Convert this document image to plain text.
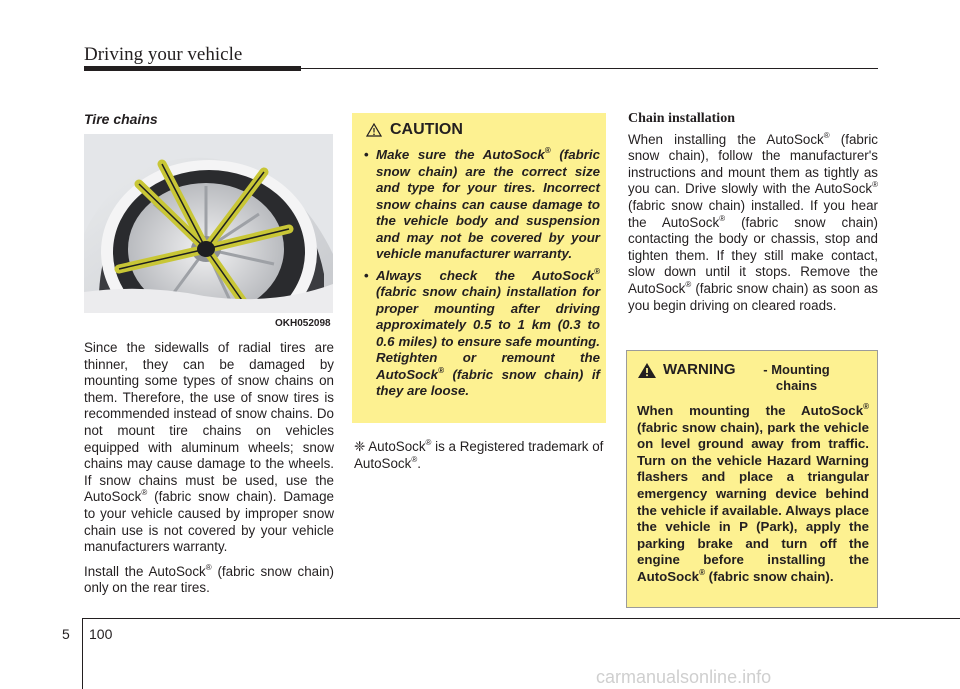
Driving your vehicle
Tire chains
OKH052098

Since the sidewalls of radial tires are thinner, they can be damaged by mounting some types of snow chains on them. Therefore, the use of snow tires is recommended instead of snow chains. Do not mount tire chains on vehicles equipped with aluminum wheels; snow chains may cause damage to the wheels. If snow chains must be used, use the AutoSock® (fabric snow chain). Damage to your vehicle caused by improper snow chain use is not covered by your vehicle manufacturers warranty.

Install the AutoSock® (fabric snow chain) only on the rear tires.

CAUTION
• Make sure the AutoSock® (fabric snow chain) are the correct size and type for your tires. Incorrect snow chains can cause damage to the vehicle body and suspension and may not be covered by your vehicle manufacturer warranty.
• Always check the AutoSock® (fabric snow chain) installation for proper mounting after driving approximately 0.5 to 1 km (0.3 to 0.6 miles) to ensure safe mounting. Retighten or remount the AutoSock® (fabric snow chain) if they are loose.
❈ AutoSock® is a Registered trademark of AutoSock®.
Chain installation

When installing the AutoSock® (fabric snow chain), follow the manufacturer's instructions and mount them as tightly as you can. Drive slowly with the AutoSock® (fabric snow chain) installed. If you hear the AutoSock® (fabric snow chain) contacting the body or chassis, stop and tighten them. If they still make contact, slow down until it stops. Remove the AutoSock® (fabric snow chain) as soon as you begin driving on cleared roads.

WARNING	- Mounting chains
When mounting the AutoSock® (fabric snow chain), park the vehicle on level ground away from traffic. Turn on the vehicle Hazard Warning flashers and place a triangular emergency warning device behind the vehicle if available. Always place the vehicle in P (Park), apply the parking brake and turn off the engine before installing the AutoSock® (fabric snow chain).
5 100
carmanualsonline.info
